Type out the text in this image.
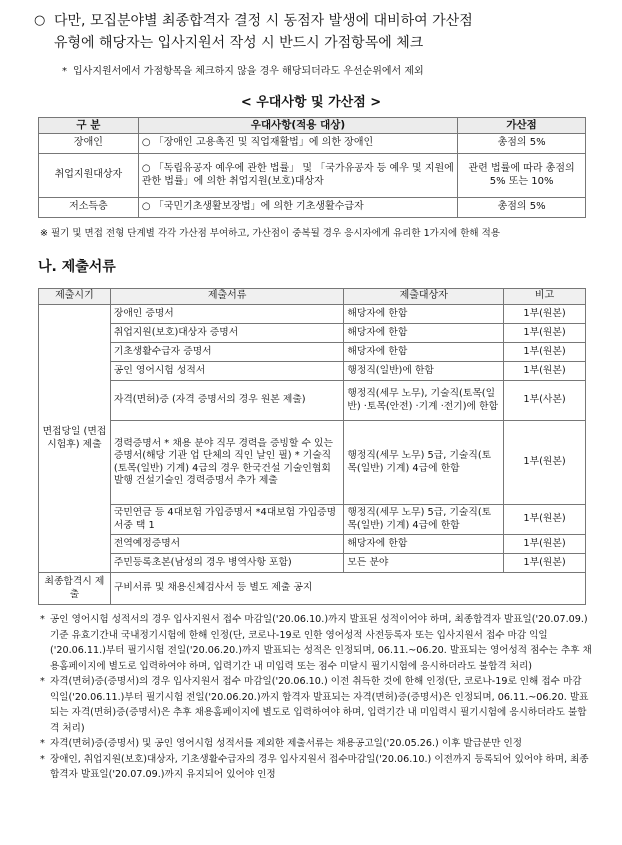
○ 다만, 모집분야별 최종합격자 결정 시 동점자 발생에 대비하여 가산점
유형에 해당자는 입사지원서 작성 시 반드시 가점항목에 체크
* 입사지원서에서 가점항목을 체크하지 않을 경우 해당되더라도 우선순위에서 제외
< 우대사항 및 가산점 >
구 분	우대사항(적용 대상)	가산점
장애인	○ 「장애인 고용촉진 및 직업재활법」에 의한 장애인	총점의 5%
취업지원대상자	○ 「독립유공자 예우에 관한 법률」 및 「국가유공자 등 예우 및 지원에 관한 법률」에 의한 취업지원(보호)대상자	관련 법률에 따라 총점의 5% 또는 10%
저소득층	○ 「국민기초생활보장법」에 의한 기초생활수급자	총점의 5%
※ 필기 및 면접 전형 단계별 각각 가산점 부여하고, 가산점이 중복될 경우 응시자에게 유리한 1가지에 한해 적용
나. 제출서류
제출시기	제출서류	제출대상자	비고
면접당일 (면접시험후) 제출	장애인 증명서	해당자에 한함	1부(원본)
	취업지원(보호)대상자 증명서	해당자에 한함	1부(원본)
	기초생활수급자 증명서	해당자에 한함	1부(원본)
	공인 영어시험 성적서	행정직(일반)에 한함	1부(원본)
	자격(면허)증 (자격 증명서의 경우 원본 제출)	행정직(세무 노무), 기술직(토목(일반) ·토목(안전) ·기계 ·전기)에 한함	1부(사본)
	경력증명서 * 채용 분야 직무 경력을 증빙할 수 있는 증명서(해당 기관 업 단체의 직인 날인 필) * 기술직(토목(일반) 기계) 4급의 경우 한국건설 기술인협회 발행 건설기술인 경력증명서 추가 제출	행정직(세무 노무) 5급, 기술직(토목(일반) 기계) 4급에 한함	1부(원본)
	국민연금 등 4대보험 가입증명서 *4대보험 가입증명서중 택 1	행정직(세무 노무) 5급, 기술직(토목(일반) 기계) 4급에 한함	1부(원본)
	전역예정증명서	해당자에 한함	1부(원본)
	주민등록초본(남성의 경우 병역사항 포함)	모든 분야	1부(원본)
최종합격시 제출	구비서류 및 채용신체검사서 등 별도 제출 공지		

* 공인 영어시험 성적서의 경우 입사지원서 접수 마감일('20.06.10.)까지 발표된 성적이어야 하며, 최종합격자 발표일('20.07.09.) 기준 유효기간내 국내정기시험에 한해 인정(단, 코로나-19로 인한 영어성적 사전등록자 또는 입사지원서 접수 마감 익일('20.06.11.)부터 필기시험 전일('20.06.20.)까지 발표되는 성적은 인정되며, 06.11.~06.20. 발표되는 영어성적 점수는 추후 채용홈페이지에 별도로 입력하여야 하며, 입력기간 내 미입력 또는 점수 미달시 필기시험에 응시하더라도 불합격 처리)

* 자격(면허)증(증명서)의 경우 입사지원서 접수 마감일('20.06.10.) 이전 취득한 것에 한해 인정(단, 코로나-19로 인해 접수 마감 익일('20.06.11.)부터 필기시험 전일('20.06.20.)까지 합격자 발표되는 자격(면허)증(증명서)은 인정되며, 06.11.~06.20. 발표되는 자격(면허)증(증명서)은 추후 채용홈페이지에 별도로 입력하여야 하며, 입력기간 내 미입력시 필기시험에 응시하더라도 불합격 처리)

* 자격(면허)증(증명서) 및 공인 영어시험 성적서를 제외한 제출서류는 채용공고일('20.05.26.) 이후 발급분만 인정

* 장애인, 취업지원(보호)대상자, 기초생활수급자의 경우 입사지원서 접수마감일('20.06.10.) 이전까지 등록되어 있어야 하며, 최종합격자 발표일('20.07.09.)까지 유지되어 있어야 인정
